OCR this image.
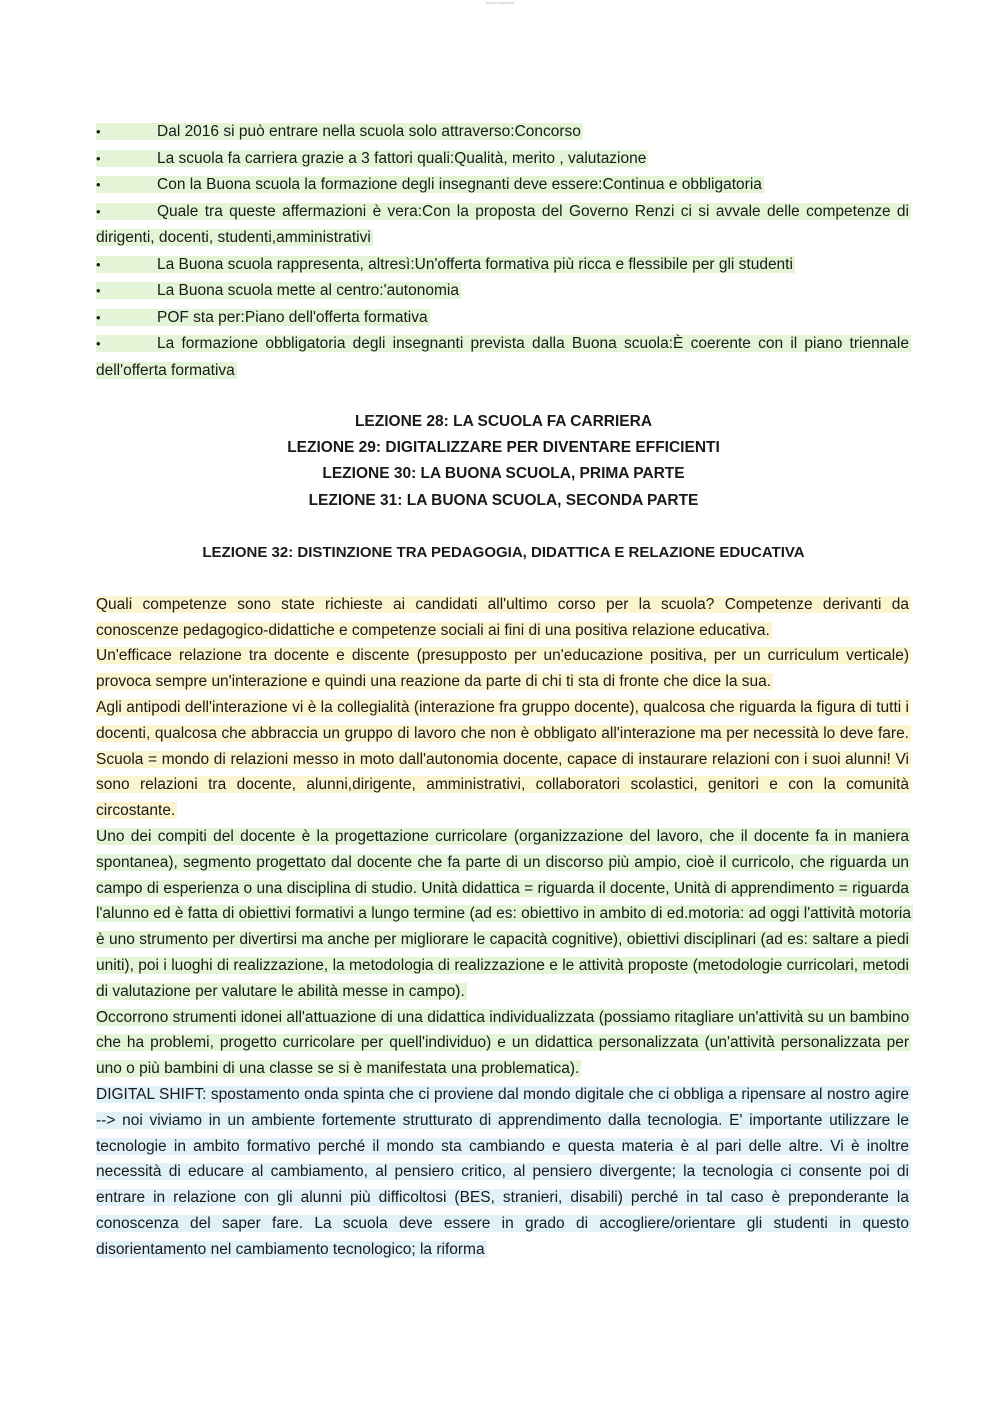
lezioni-dispensa
•	Dal 2016 si può entrare nella scuola solo attraverso:Concorso
•	La scuola fa carriera grazie a 3 fattori quali:Qualità, merito , valutazione
•	Con la Buona scuola la formazione degli insegnanti deve essere:Continua e obbligatoria
•	Quale tra queste affermazioni è vera:Con la proposta del Governo Renzi ci si avvale delle competenze di dirigenti, docenti, studenti,amministrativi
•	La Buona scuola rappresenta, altresì:Un'offerta formativa più ricca e flessibile per gli studenti
•	La Buona scuola mette al centro:'autonomia
•	POF sta per:Piano dell'offerta formativa
•	La formazione obbligatoria degli insegnanti prevista dalla Buona scuola:È coerente con il piano triennale dell'offerta formativa
LEZIONE 28: LA SCUOLA FA CARRIERA
LEZIONE 29: DIGITALIZZARE PER DIVENTARE EFFICIENTI
LEZIONE 30: LA BUONA SCUOLA, PRIMA PARTE
LEZIONE 31: LA BUONA SCUOLA, SECONDA PARTE
LEZIONE 32: DISTINZIONE TRA PEDAGOGIA, DIDATTICA E RELAZIONE EDUCATIVA

Quali competenze sono state richieste ai candidati all'ultimo corso per la scuola? Competenze derivanti da conoscenze pedagogico-didattiche e competenze sociali ai fini di una positiva relazione educativa.

Un'efficace relazione tra docente e discente (presupposto per un'educazione positiva, per un curriculum verticale) provoca sempre un'interazione e quindi una reazione da parte di chi ti sta di fronte che dice la sua.

Agli antipodi dell'interazione vi è la collegialità (interazione fra gruppo docente), qualcosa che riguarda la figura di tutti i docenti, qualcosa che abbraccia un gruppo di lavoro che non è obbligato all'interazione ma per necessità lo deve fare. Scuola = mondo di relazioni messo in moto dall'autonomia docente, capace di instaurare relazioni con i suoi alunni! Vi sono relazioni tra docente, alunni,dirigente, amministrativi, collaboratori scolastici, genitori e con la comunità circostante.

Uno dei compiti del docente è la progettazione curricolare (organizzazione del lavoro, che il docente fa in maniera spontanea), segmento progettato dal docente che fa parte di un discorso più ampio, cioè il curricolo, che riguarda un campo di esperienza o una disciplina di studio. Unità didattica = riguarda il docente, Unità di apprendimento = riguarda l'alunno ed è fatta di obiettivi formativi a lungo termine (ad es: obiettivo in ambito di ed.motoria: ad oggi l'attività motoria è uno strumento per divertirsi ma anche per migliorare le capacità cognitive), obiettivi disciplinari (ad es: saltare a piedi uniti), poi i luoghi di realizzazione, la metodologia di realizzazione e le attività proposte (metodologie curricolari, metodi di valutazione per valutare le abilità messe in campo).

Occorrono strumenti idonei all'attuazione di una didattica individualizzata (possiamo ritagliare un'attività su un bambino che ha problemi, progetto curricolare per quell'individuo) e un didattica personalizzata (un'attività personalizzata per uno o più bambini di una classe se si è manifestata una problematica).

DIGITAL SHIFT: spostamento onda spinta che ci proviene dal mondo digitale che ci obbliga a ripensare al nostro agire --> noi viviamo in un ambiente fortemente strutturato di apprendimento dalla tecnologia. E' importante utilizzare le tecnologie in ambito formativo perché il mondo sta cambiando e questa materia è al pari delle altre. Vi è inoltre necessità di educare al cambiamento, al pensiero critico, al pensiero divergente; la tecnologia ci consente poi di entrare in relazione con gli alunni più difficoltosi (BES, stranieri, disabili) perché in tal caso è preponderante la conoscenza del saper fare. La scuola deve essere in grado di accogliere/orientare gli studenti in questo disorientamento nel cambiamento tecnologico; la riforma
